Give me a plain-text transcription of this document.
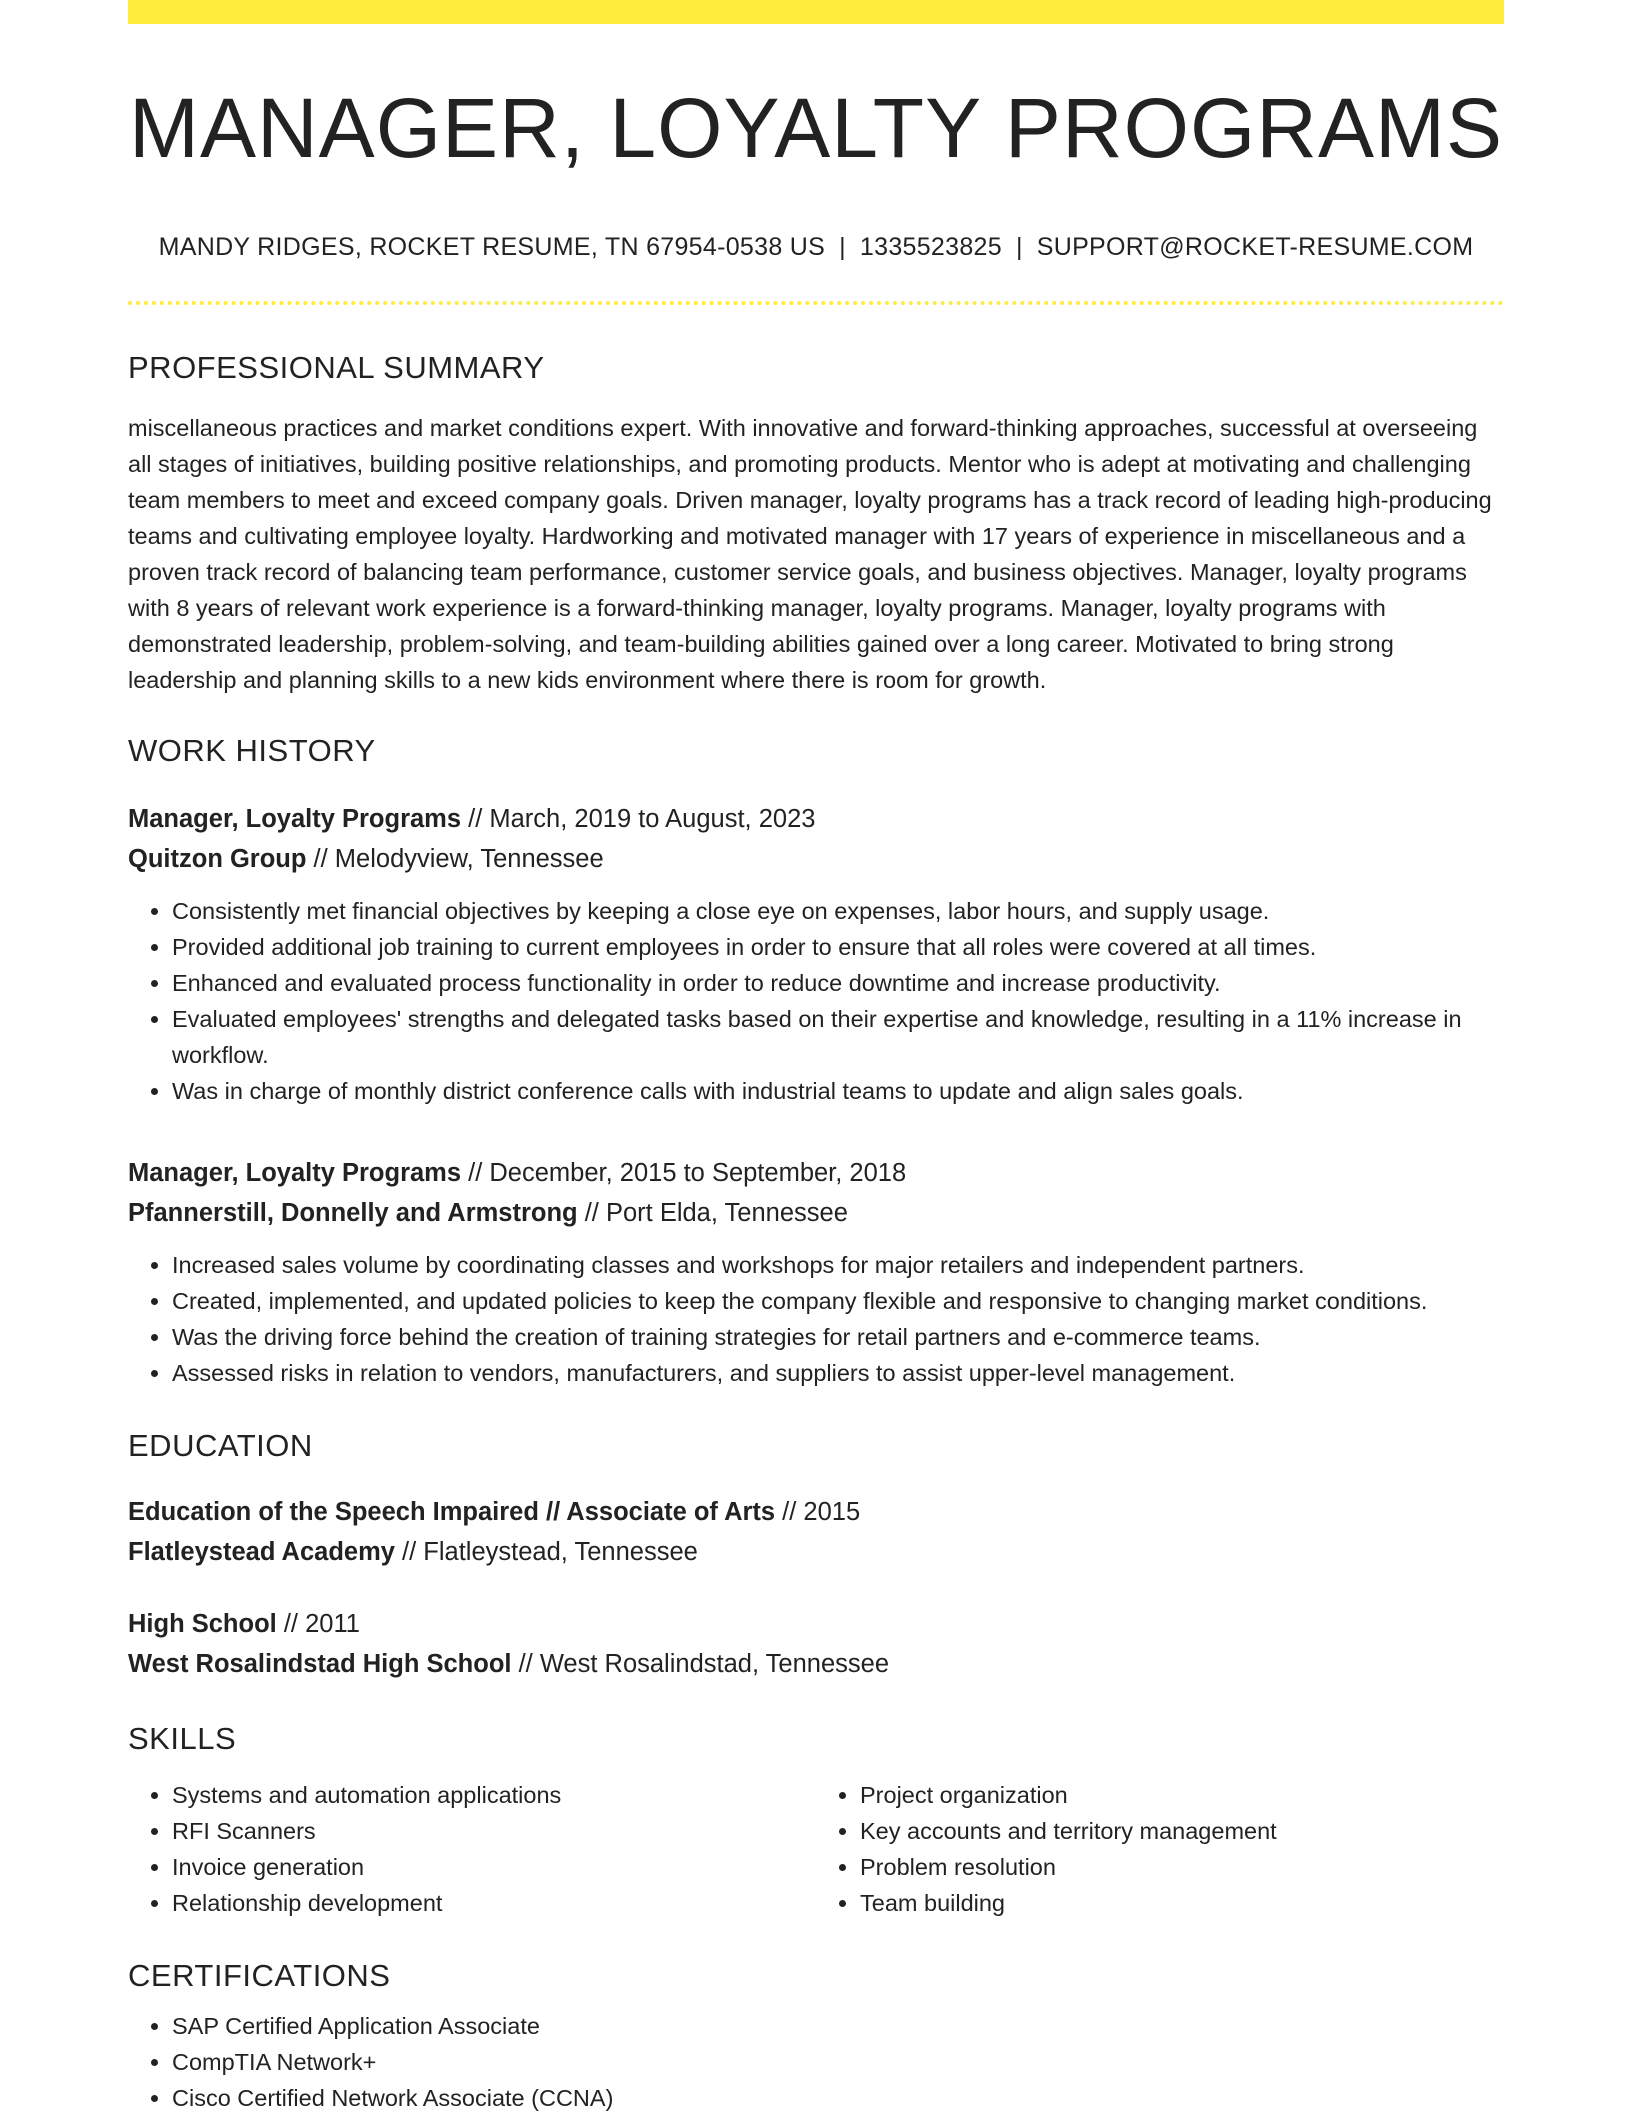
MANAGER, LOYALTY PROGRAMS
MANDY RIDGES, ROCKET RESUME, TN 67954-0538 US | 1335523825 | SUPPORT@ROCKET-RESUME.COM
PROFESSIONAL SUMMARY
miscellaneous practices and market conditions expert. With innovative and forward-thinking approaches, successful at overseeing all stages of initiatives, building positive relationships, and promoting products. Mentor who is adept at motivating and challenging team members to meet and exceed company goals. Driven manager, loyalty programs has a track record of leading high-producing teams and cultivating employee loyalty. Hardworking and motivated manager with 17 years of experience in miscellaneous and a proven track record of balancing team performance, customer service goals, and business objectives. Manager, loyalty programs with 8 years of relevant work experience is a forward-thinking manager, loyalty programs. Manager, loyalty programs with demonstrated leadership, problem-solving, and team-building abilities gained over a long career. Motivated to bring strong leadership and planning skills to a new kids environment where there is room for growth.
WORK HISTORY
Manager, Loyalty Programs // March, 2019 to August, 2023
Quitzon Group // Melodyview, Tennessee
• Consistently met financial objectives by keeping a close eye on expenses, labor hours, and supply usage.
• Provided additional job training to current employees in order to ensure that all roles were covered at all times.
• Enhanced and evaluated process functionality in order to reduce downtime and increase productivity.
• Evaluated employees' strengths and delegated tasks based on their expertise and knowledge, resulting in a 11% increase in workflow.
• Was in charge of monthly district conference calls with industrial teams to update and align sales goals.
Manager, Loyalty Programs // December, 2015 to September, 2018
Pfannerstill, Donnelly and Armstrong // Port Elda, Tennessee
• Increased sales volume by coordinating classes and workshops for major retailers and independent partners.
• Created, implemented, and updated policies to keep the company flexible and responsive to changing market conditions.
• Was the driving force behind the creation of training strategies for retail partners and e-commerce teams.
• Assessed risks in relation to vendors, manufacturers, and suppliers to assist upper-level management.
EDUCATION
Education of the Speech Impaired // Associate of Arts // 2015
Flatleystead Academy // Flatleystead, Tennessee
High School // 2011
West Rosalindstad High School // West Rosalindstad, Tennessee
SKILLS
• Systems and automation applications
• RFI Scanners
• Invoice generation
• Relationship development
• Project organization
• Key accounts and territory management
• Problem resolution
• Team building
CERTIFICATIONS
• SAP Certified Application Associate
• CompTIA Network+
• Cisco Certified Network Associate (CCNA)
